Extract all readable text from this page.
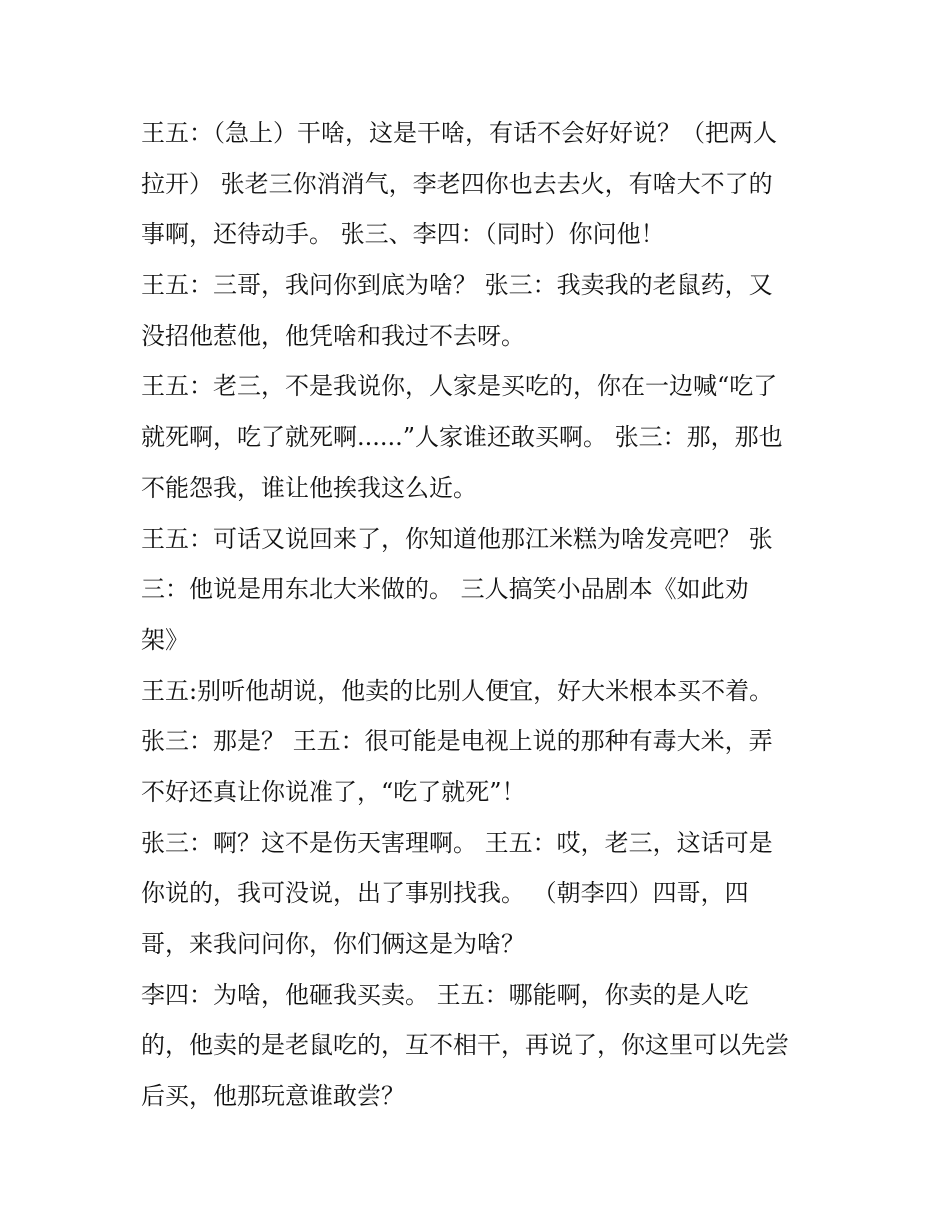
王五：（急上）干啥，这是干啥，有话不会好好说？（把两人
拉开） 张老三你消消气，李老四你也去去火，有啥大不了的
事啊，还待动手。 张三、李四：（同时）你问他！
王五：三哥，我问你到底为啥？ 张三：我卖我的老鼠药，又
没招他惹他，他凭啥和我过不去呀。
王五：老三，不是我说你，人家是买吃的，你在一边喊“吃了
就死啊，吃了就死啊......”人家谁还敢买啊。 张三：那，那也
不能怨我，谁让他挨我这么近。
王五：可话又说回来了，你知道他那江米糕为啥发亮吧？ 张
三：他说是用东北大米做的。 三人搞笑小品剧本《如此劝
架》
王五:别听他胡说，他卖的比别人便宜，好大米根本买不着。
张三：那是？ 王五：很可能是电视上说的那种有毒大米，弄
不好还真让你说准了，“吃了就死”！
张三：啊？这不是伤天害理啊。 王五：哎，老三，这话可是
你说的，我可没说，出了事别找我。 （朝李四）四哥，四
哥，来我问问你，你们俩这是为啥？
李四：为啥，他砸我买卖。 王五：哪能啊，你卖的是人吃
的，他卖的是老鼠吃的，互不相干，再说了，你这里可以先尝
后买，他那玩意谁敢尝？
